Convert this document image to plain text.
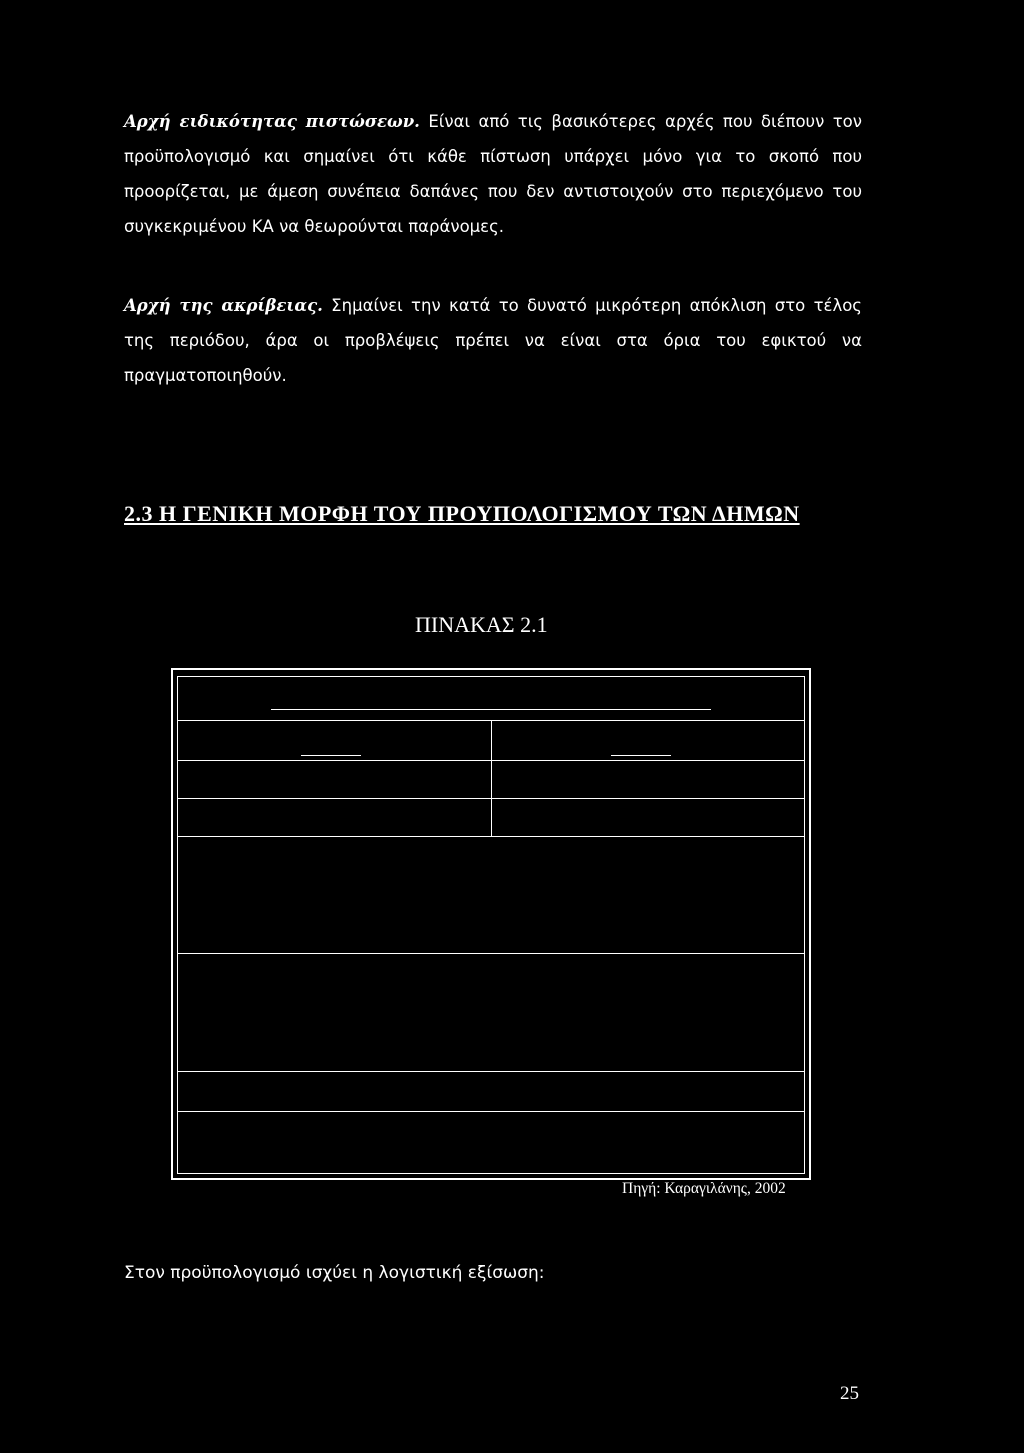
Αρχή ειδικότητας πιστώσεων. Είναι από τις βασικότερες αρχές που διέπουν τον προϋπολογισμό και σημαίνει ότι κάθε πίστωση υπάρχει μόνο για το σκοπό που προορίζεται, με άμεση συνέπεια δαπάνες που δεν αντιστοιχούν στο περιεχόμενο του συγκεκριμένου ΚΑ να θεωρούνται παράνομες.

Αρχή της ακρίβειας. Σημαίνει την κατά το δυνατό μικρότερη απόκλιση στο τέλος της περιόδου, άρα οι προβλέψεις πρέπει να είναι στα όρια του εφικτού να πραγματοποιηθούν.

2.3 Η ΓΕΝΙΚΗ ΜΟΡΦΗ ΤΟΥ ΠΡΟΥΠΟΛΟΓΙΣΜΟΥ ΤΩΝ ΔΗΜΩΝ

ΠΙΝΑΚΑΣ 2.1

Πηγή: Καραγιλάνης, 2002

Στον προϋπολογισμό ισχύει η λογιστική εξίσωση:

25
